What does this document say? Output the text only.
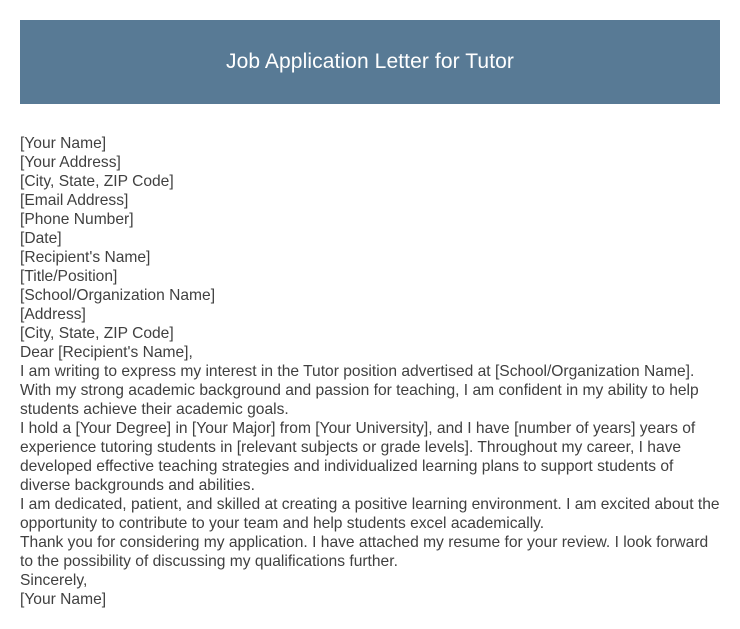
Job Application Letter for Tutor

[Your Name]

[Your Address]

[City, State, ZIP Code]

[Email Address]

[Phone Number]

[Date]

[Recipient's Name]

[Title/Position]

[School/Organization Name]

[Address]

[City, State, ZIP Code]

Dear [Recipient's Name],

I am writing to express my interest in the Tutor position advertised at [School/Organization Name]. With my strong academic background and passion for teaching, I am confident in my ability to help students achieve their academic goals.

I hold a [Your Degree] in [Your Major] from [Your University], and I have [number of years] years of experience tutoring students in [relevant subjects or grade levels]. Throughout my career, I have developed effective teaching strategies and individualized learning plans to support students of diverse backgrounds and abilities.

I am dedicated, patient, and skilled at creating a positive learning environment. I am excited about the opportunity to contribute to your team and help students excel academically.

Thank you for considering my application. I have attached my resume for your review. I look forward to the possibility of discussing my qualifications further.

Sincerely,

[Your Name]
